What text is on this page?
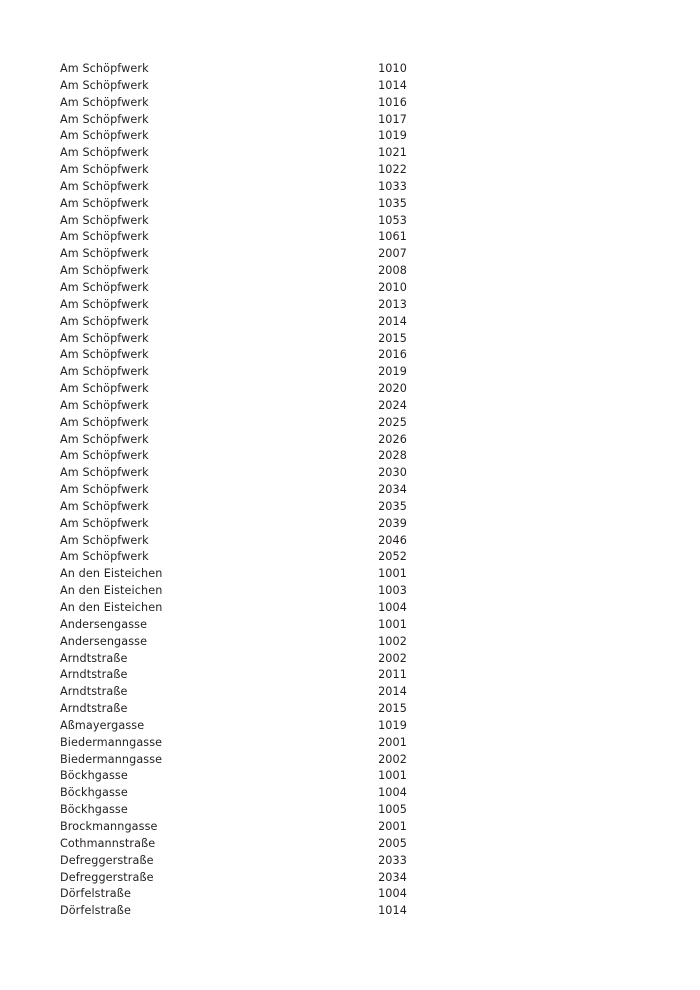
Am Schöpfwerk	1010
Am Schöpfwerk	1014
Am Schöpfwerk	1016
Am Schöpfwerk	1017
Am Schöpfwerk	1019
Am Schöpfwerk	1021
Am Schöpfwerk	1022
Am Schöpfwerk	1033
Am Schöpfwerk	1035
Am Schöpfwerk	1053
Am Schöpfwerk	1061
Am Schöpfwerk	2007
Am Schöpfwerk	2008
Am Schöpfwerk	2010
Am Schöpfwerk	2013
Am Schöpfwerk	2014
Am Schöpfwerk	2015
Am Schöpfwerk	2016
Am Schöpfwerk	2019
Am Schöpfwerk	2020
Am Schöpfwerk	2024
Am Schöpfwerk	2025
Am Schöpfwerk	2026
Am Schöpfwerk	2028
Am Schöpfwerk	2030
Am Schöpfwerk	2034
Am Schöpfwerk	2035
Am Schöpfwerk	2039
Am Schöpfwerk	2046
Am Schöpfwerk	2052
An den Eisteichen	1001
An den Eisteichen	1003
An den Eisteichen	1004
Andersengasse	1001
Andersengasse	1002
Arndtstraße	2002
Arndtstraße	2011
Arndtstraße	2014
Arndtstraße	2015
Aßmayergasse	1019
Biedermanngasse	2001
Biedermanngasse	2002
Böckhgasse	1001
Böckhgasse	1004
Böckhgasse	1005
Brockmanngasse	2001
Cothmannstraße	2005
Defreggerstraße	2033
Defreggerstraße	2034
Dörfelstraße	1004
Dörfelstraße	1014
